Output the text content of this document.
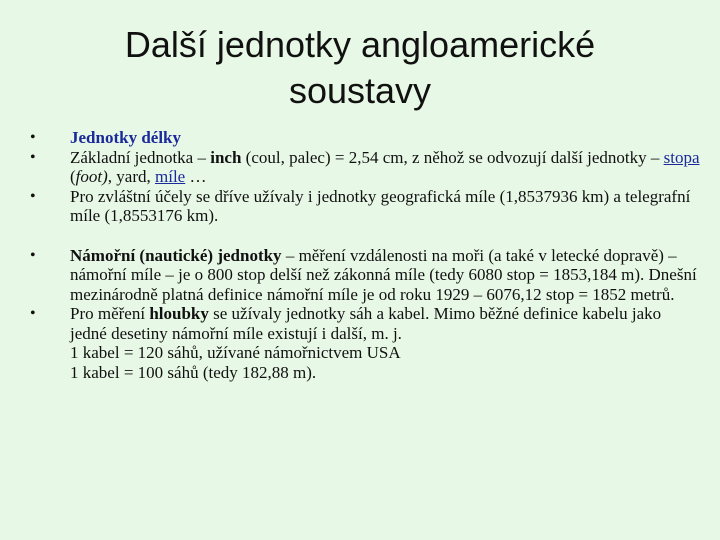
Další jednotky angloamerické
soustavy
•	Jednotky délky
•	Základní jednotka – inch (coul, palec) = 2,54 cm, z něhož se odvozují další jednotky – stopa (foot), yard, míle …
•	Pro zvláštní účely se dříve užívaly i jednotky geografická míle (1,8537936 km) a telegrafní míle (1,8553176 km).
•	Námořní (nautické) jednotky – měření vzdálenosti na moři (a také v letecké dopravě) – námořní míle – je o 800 stop delší než zákonná míle (tedy 6080 stop = 1853,184 m). Dnešní mezinárodně platná definice námořní míle je od roku 1929 – 6076,12 stop = 1852 metrů.
•	Pro měření hloubky se užívaly jednotky sáh a kabel. Mimo běžné definice kabelu jako jedné desetiny námořní míle existují i další, m. j.
1 kabel = 120 sáhů, užívané námořnictvem USA
1 kabel = 100 sáhů (tedy 182,88 m).
